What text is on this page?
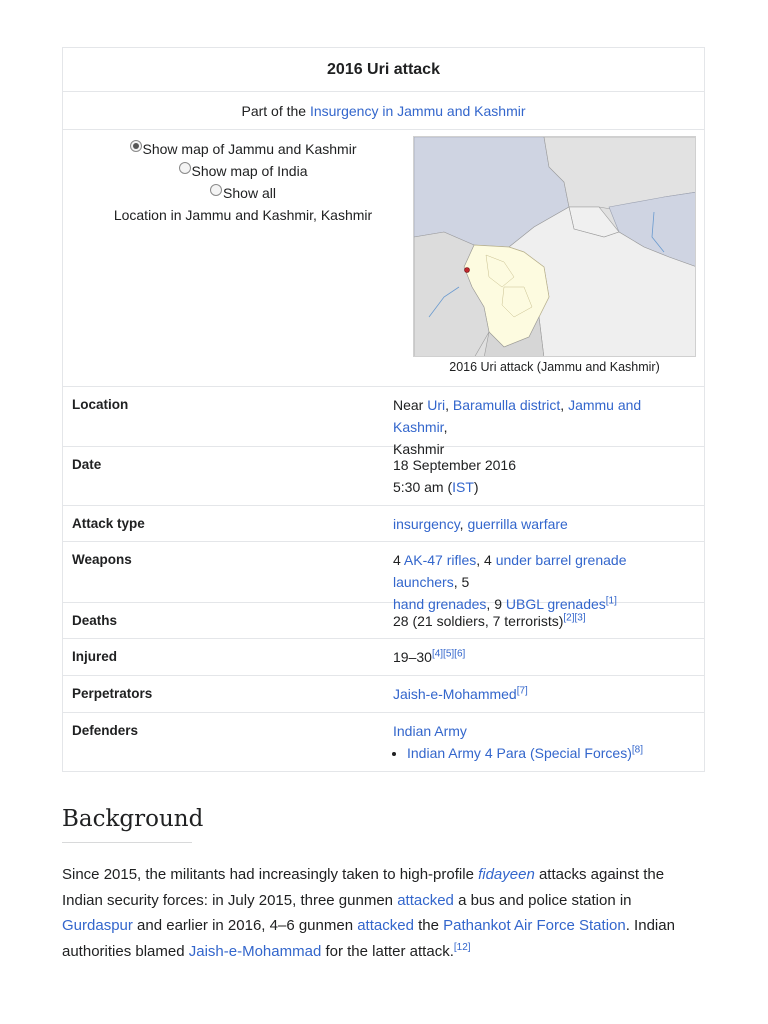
2016 Uri attack
Part of the
Insurgency in Jammu and Kashmir
Show map of Jammu and Kashmir
Show map of India
Show all
Location in Jammu and Kashmir, Kashmir
2016 Uri attack (Jammu and Kashmir)
Location	Near Uri, Baramulla district, Jammu and Kashmir,
Kashmir
Date	18 September 2016
5:30 am (IST)
Attack type	insurgency, guerrilla warfare
Weapons	4 AK-47 rifles, 4 under barrel grenade launchers, 5
hand grenades, 9 UBGL grenades[1]
Deaths	28 (21 soldiers, 7 terrorists)[2][3]
Injured	19–30[4][5][6]
Perpetrators	Jaish-e-Mohammed[7]
Defenders	Indian Army
• Indian Army 4 Para (Special Forces)[8]
Background
Since 2015, the militants had increasingly taken to high-profile fidayeen attacks against the Indian security forces: in July 2015, three gunmen attacked a bus and police station in Gurdaspur and earlier in 2016, 4–6 gunmen attacked the Pathankot Air Force Station. Indian authorities blamed Jaish-e-Mohammad for the latter attack.[12]
